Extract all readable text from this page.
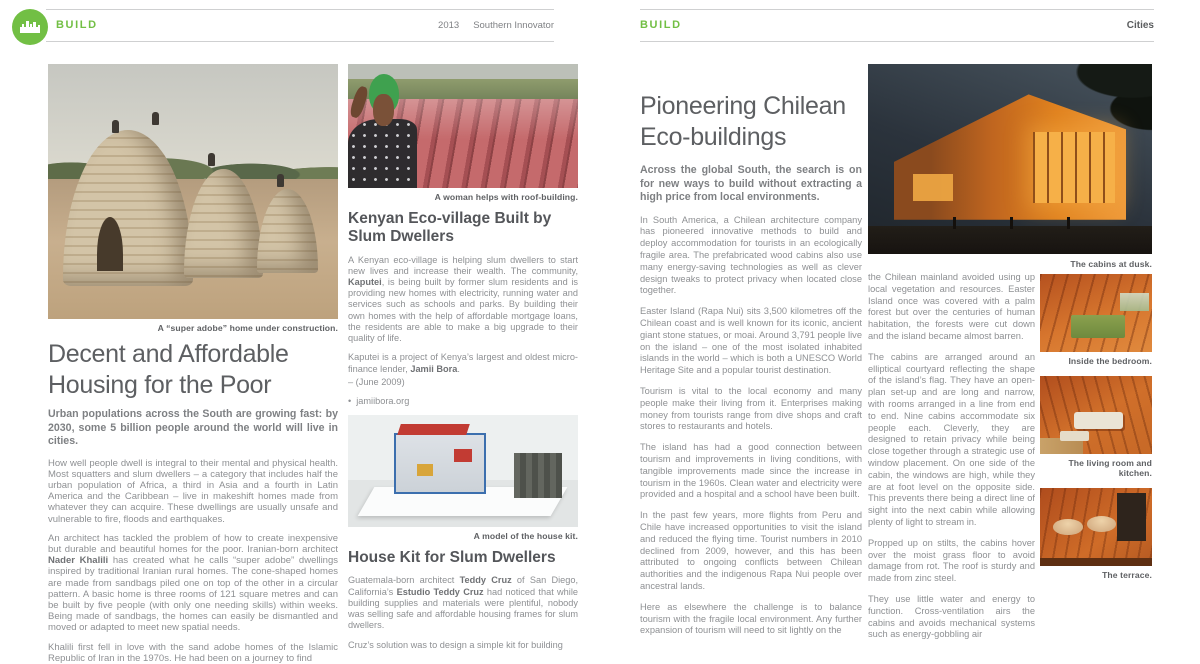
BUILD	2013 Southern Innovator	BUILD	Cities
A “super adobe” home under construction.
Decent and Affordable Housing for the Poor
Urban populations across the South are growing fast: by 2030, some 5 billion people around the world will live in cities.

How well people dwell is integral to their mental and physical health. Most squatters and slum dwellers – a category that includes half the urban population of Africa, a third in Asia and a fourth in Latin America and the Caribbean – live in makeshift homes made from whatever they can acquire. These dwellings are usually unsafe and vulnerable to fire, floods and earthquakes.

An architect has tackled the problem of how to create inexpensive but durable and beautiful homes for the poor. Iranian-born architect Nader Khalili has created what he calls “super adobe” dwellings inspired by traditional Iranian rural homes. The cone-shaped homes are made from sandbags piled one on top of the other in a circular pattern. A basic home is three rooms of 121 square metres and can be built by five people (with only one needing skills) within weeks. Being made of sandbags, the homes can easily be dismantled and moved or adapted to meet new spatial needs.

Khalili first fell in love with the sand adobe homes of the Islamic Republic of Iran in the 1970s. He had been on a journey to find

A woman helps with roof-building.
Kenyan Eco-village Built by Slum Dwellers

A Kenyan eco-village is helping slum dwellers to start new lives and increase their wealth. The community, Kaputei, is being built by former slum residents and is providing new homes with electricity, running water and services such as schools and parks. By building their own homes with the help of affordable mortgage loans, the residents are able to make a big upgrade to their quality of life.

Kaputei is a project of Kenya’s largest and oldest micro-finance lender, Jamii Bora.

– (June 2009)

• jamiibora.org

A model of the house kit.
House Kit for Slum Dwellers

Guatemala-born architect Teddy Cruz of San Diego, California’s Estudio Teddy Cruz had noticed that while building supplies and materials were plentiful, nobody was selling safe and affordable housing frames for slum dwellers.

Cruz’s solution was to design a simple kit for building

Pioneering Chilean Eco-buildings
Across the global South, the search is on for new ways to build without extracting a high price from local environments.

In South America, a Chilean architecture company has pioneered innovative methods to build and deploy accommodation for tourists in an ecologically fragile area. The prefabricated wood cabins also use many energy-saving technologies as well as clever design tweaks to protect privacy when located close together.

Easter Island (Rapa Nui) sits 3,500 kilometres off the Chilean coast and is well known for its iconic, ancient giant stone statues, or moai. Around 3,791 people live on the island – one of the most isolated inhabited islands in the world – which is both a UNESCO World Heritage Site and a popular tourist destination.

Tourism is vital to the local economy and many people make their living from it. Enterprises making money from tourists range from dive shops and craft stores to restaurants and hotels.

The island has had a good connection between tourism and improvements in living conditions, with tangible improvements made since the increase in tourism in the 1960s. Clean water and electricity were provided and a hospital and a school have been built.

In the past few years, more flights from Peru and Chile have increased opportunities to visit the island and reduced the flying time. Tourist numbers in 2010 declined from 2009, however, and this has been attributed to ongoing conflicts between Chilean authorities and the indigenous Rapa Nui people over ancestral lands.

Here as elsewhere the challenge is to balance tourism with the fragile local environment. Any further expansion of tourism will need to sit lightly on the

The cabins at dusk.

the Chilean mainland avoided using up local vegetation and resources. Easter Island once was covered with a palm forest but over the centuries of human habitation, the forests were cut down and the island became almost barren.

The cabins are arranged around an elliptical courtyard reflecting the shape of the island’s flag. They have an open-plan set-up and are long and narrow, with rooms arranged in a line from end to end. Nine cabins accommodate six people each. Cleverly, they are designed to retain privacy while being close together through a strategic use of window placement. On one side of the cabin, the windows are high, while they are at foot level on the opposite side. This prevents there being a direct line of sight into the next cabin while allowing plenty of light to stream in.

Propped up on stilts, the cabins hover over the moist grass floor to avoid damage from rot. The roof is sturdy and made from zinc steel.

They use little water and energy to function. Cross-ventilation airs the cabins and avoids mechanical systems such as energy-gobbling air

Inside the bedroom.
The living room and kitchen.
The terrace.
